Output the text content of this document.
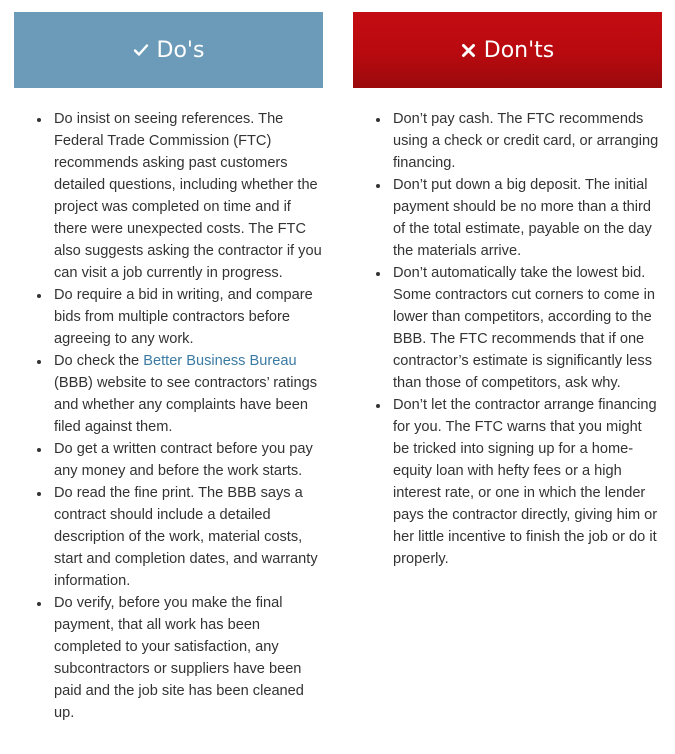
Do's
Do insist on seeing references. The Federal Trade Commission (FTC) recommends asking past customers detailed questions, including whether the project was completed on time and if there were unexpected costs. The FTC also suggests asking the contractor if you can visit a job currently in progress.
Do require a bid in writing, and compare bids from multiple contractors before agreeing to any work.
Do check the Better Business Bureau (BBB) website to see contractors’ ratings and whether any complaints have been filed against them.
Do get a written contract before you pay any money and before the work starts.
Do read the fine print. The BBB says a contract should include a detailed description of the work, material costs, start and completion dates, and warranty information.
Do verify, before you make the final payment, that all work has been completed to your satisfaction, any subcontractors or suppliers have been paid and the job site has been cleaned up.
Don'ts
Don’t pay cash. The FTC recommends using a check or credit card, or arranging financing.
Don’t put down a big deposit. The initial payment should be no more than a third of the total estimate, payable on the day the materials arrive.
Don’t automatically take the lowest bid. Some contractors cut corners to come in lower than competitors, according to the BBB. The FTC recommends that if one contractor’s estimate is significantly less than those of competitors, ask why.
Don’t let the contractor arrange financing for you. The FTC warns that you might be tricked into signing up for a home-equity loan with hefty fees or a high interest rate, or one in which the lender pays the contractor directly, giving him or her little incentive to finish the job or do it properly.
